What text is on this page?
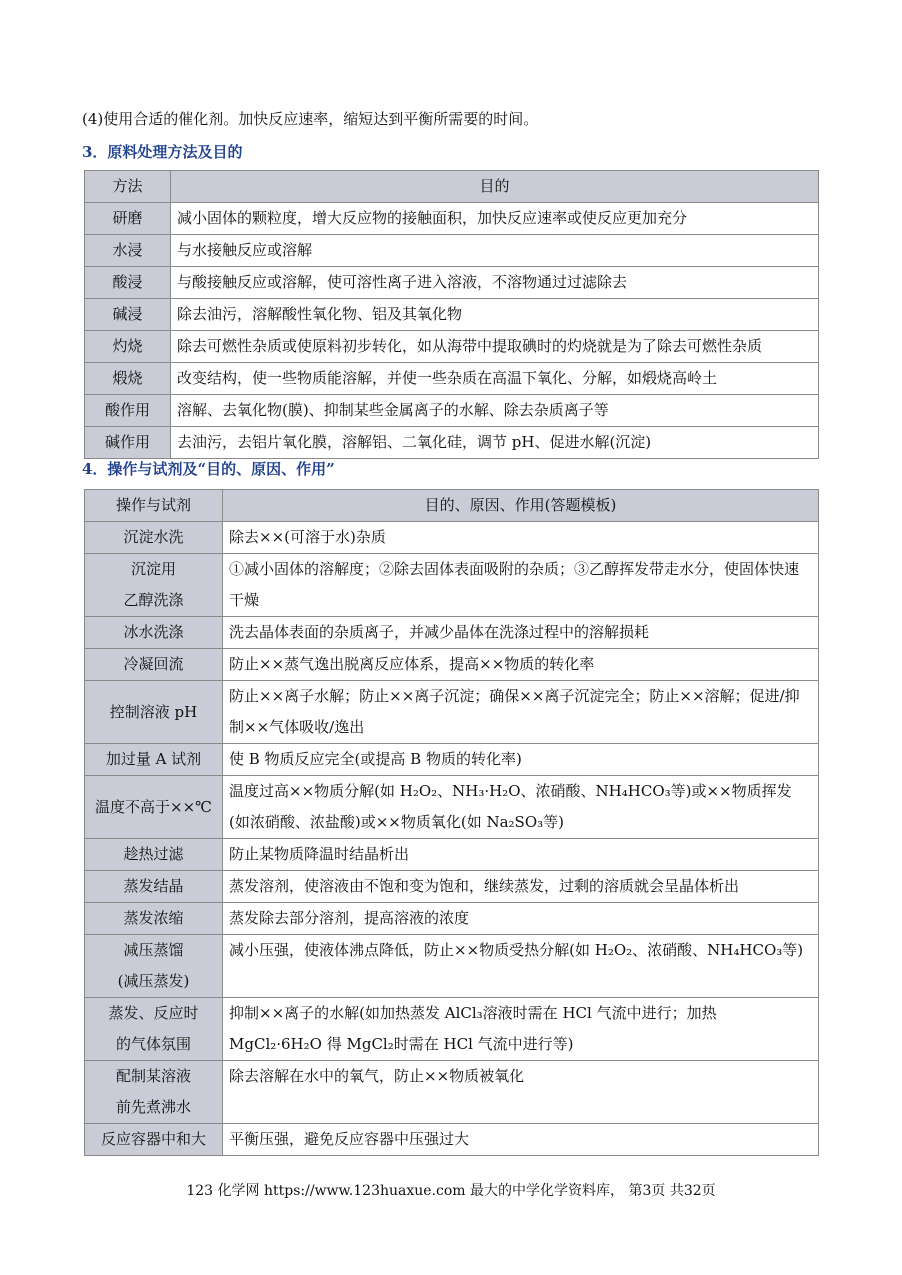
(4)使用合适的催化剂。加快反应速率，缩短达到平衡所需要的时间。
3．原料处理方法及目的
方法	目的
研磨	减小固体的颗粒度，增大反应物的接触面积，加快反应速率或使反应更加充分
水浸	与水接触反应或溶解
酸浸	与酸接触反应或溶解，使可溶性离子进入溶液，不溶物通过过滤除去
碱浸	除去油污，溶解酸性氧化物、铝及其氧化物
灼烧	除去可燃性杂质或使原料初步转化，如从海带中提取碘时的灼烧就是为了除去可燃性杂质
煅烧	改变结构，使一些物质能溶解，并使一些杂质在高温下氧化、分解，如煅烧高岭土
酸作用	溶解、去氧化物(膜)、抑制某些金属离子的水解、除去杂质离子等
碱作用	去油污，去铝片氧化膜，溶解铝、二氧化硅，调节 pH、促进水解(沉淀)
4．操作与试剂及“目的、原因、作用”
操作与试剂	目的、原因、作用(答题模板)

沉淀水洗	除去××(可溶于水)杂质

沉淀用
乙醇洗涤	①减小固体的溶解度；②除去固体表面吸附的杂质；③乙醇挥发带走水分，使固体快速干燥

冰水洗涤	洗去晶体表面的杂质离子，并减少晶体在洗涤过程中的溶解损耗

冷凝回流	防止××蒸气逸出脱离反应体系，提高××物质的转化率

控制溶液 pH	防止××离子水解；防止××离子沉淀；确保××离子沉淀完全；防止××溶解；促进/抑制××气体吸收/逸出

加过量 A 试剂	使 B 物质反应完全(或提高 B 物质的转化率)

温度不高于××℃	温度过高××物质分解(如 H₂O₂、NH₃·H₂O、浓硝酸、NH₄HCO₃等)或××物质挥发(如浓硝酸、浓盐酸)或××物质氧化(如 Na₂SO₃等)

趁热过滤	防止某物质降温时结晶析出

蒸发结晶	蒸发溶剂，使溶液由不饱和变为饱和，继续蒸发，过剩的溶质就会呈晶体析出

蒸发浓缩	蒸发除去部分溶剂，提高溶液的浓度

减压蒸馏
(减压蒸发)	减小压强，使液体沸点降低，防止××物质受热分解(如 H₂O₂、浓硝酸、NH₄HCO₃等)

蒸发、反应时
的气体氛围	抑制××离子的水解(如加热蒸发 AlCl₃溶液时需在 HCl 气流中进行；加热 MgCl₂·6H₂O 得 MgCl₂时需在 HCl 气流中进行等)

配制某溶液
前先煮沸水	除去溶解在水中的氧气，防止××物质被氧化

反应容器中和大	平衡压强，避免反应容器中压强过大
123 化学网 https://www.123huaxue.com 最大的中学化学资料库， 第3页 共32页
